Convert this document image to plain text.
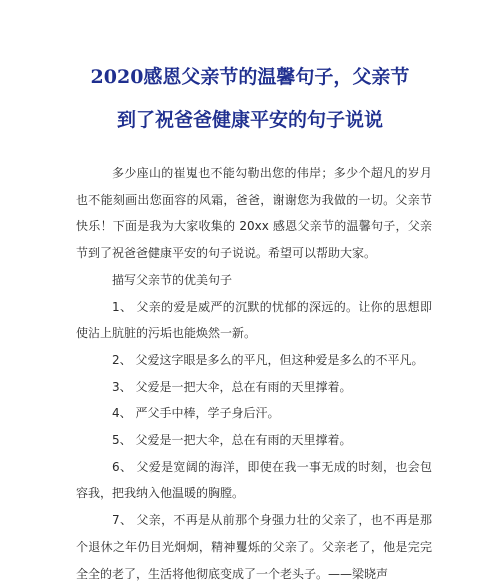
2020感恩父亲节的温馨句子，父亲节
到了祝爸爸健康平安的句子说说

多少座山的崔嵬也不能勾勒出您的伟岸；多少个超凡的岁月也不能刻画出您面容的风霜，爸爸，谢谢您为我做的一切。父亲节快乐！下面是我为大家收集的 20xx 感恩父亲节的温馨句子，父亲节到了祝爸爸健康平安的句子说说。希望可以帮助大家。

描写父亲节的优美句子

1、 父亲的爱是威严的沉默的忧郁的深远的。让你的思想即使沾上肮脏的污垢也能焕然一新。

2、 父爱这字眼是多么的平凡，但这种爱是多么的不平凡。

3、 父爱是一把大伞，总在有雨的天里撑着。

4、 严父手中棒，学子身后汗。

5、 父爱是一把大伞，总在有雨的天里撑着。

6、 父爱是宽阔的海洋，即使在我一事无成的时刻，也会包容我，把我纳入他温暖的胸膛。

7、 父亲，不再是从前那个身强力壮的父亲了，也不再是那个退休之年仍目光炯炯，精神矍烁的父亲了。父亲老了，他是完完全全的老了，生活将他彻底变成了一个老头子。——梁晓声
